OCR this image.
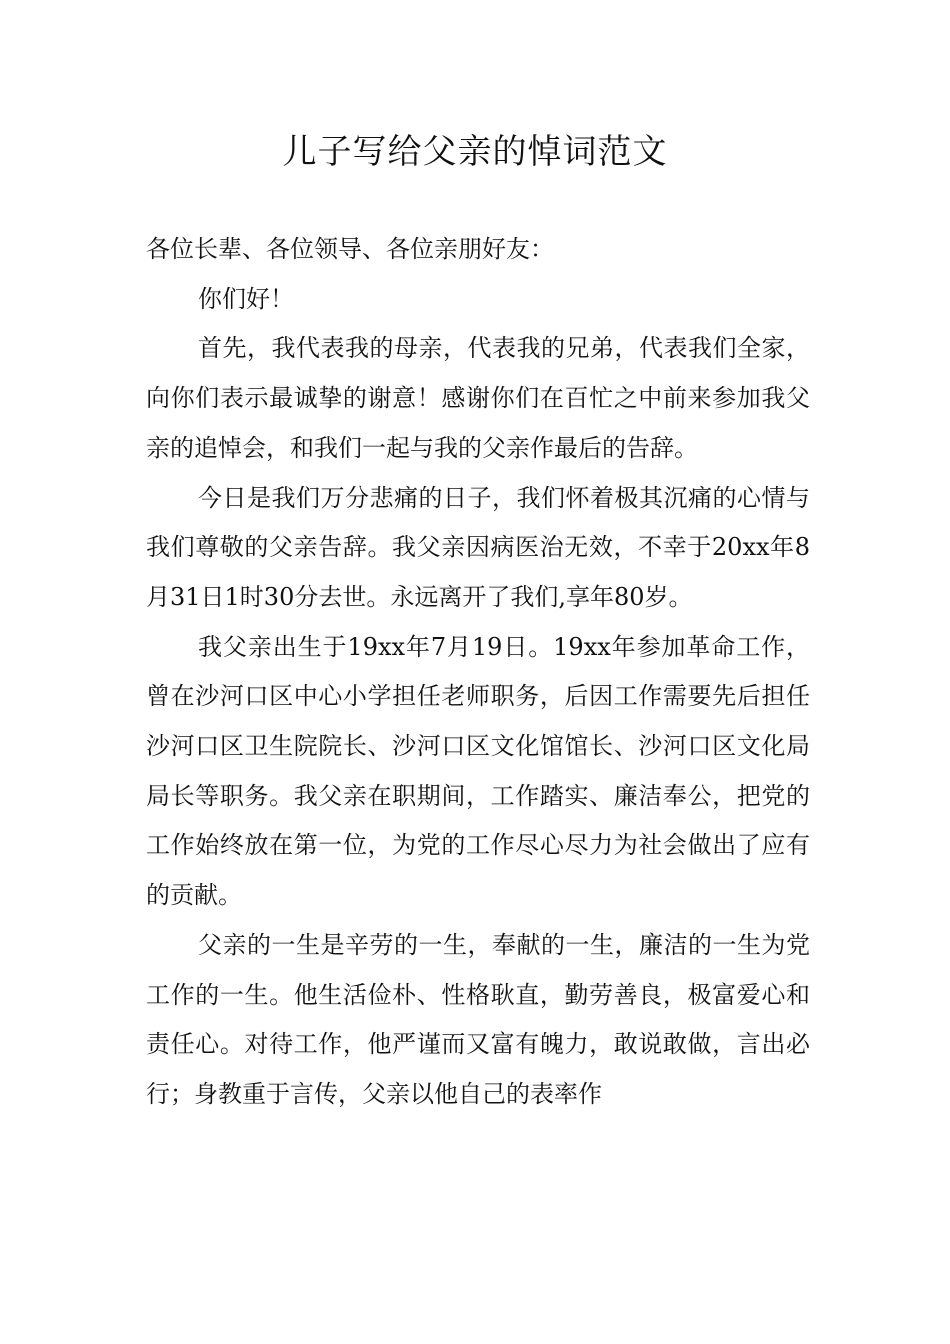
儿子写给父亲的悼词范文

各位长辈、各位领导、各位亲朋好友：

你们好！

首先，我代表我的母亲，代表我的兄弟，代表我们全家，向你们表示最诚挚的谢意！感谢你们在百忙之中前来参加我父亲的追悼会，和我们一起与我的父亲作最后的告辞。

今日是我们万分悲痛的日子，我们怀着极其沉痛的心情与我们尊敬的父亲告辞。我父亲因病医治无效，不幸于20xx年8月31日1时30分去世。永远离开了我们,享年80岁。

我父亲出生于19xx年7月19日。19xx年参加革命工作，曾在沙河口区中心小学担任老师职务，后因工作需要先后担任沙河口区卫生院院长、沙河口区文化馆馆长、沙河口区文化局局长等职务。我父亲在职期间，工作踏实、廉洁奉公，把党的工作始终放在第一位，为党的工作尽心尽力为社会做出了应有的贡献。

父亲的一生是辛劳的一生，奉献的一生，廉洁的一生为党工作的一生。他生活俭朴、性格耿直，勤劳善良，极富爱心和责任心。对待工作，他严谨而又富有魄力，敢说敢做，言出必行；身教重于言传，父亲以他自己的表率作
